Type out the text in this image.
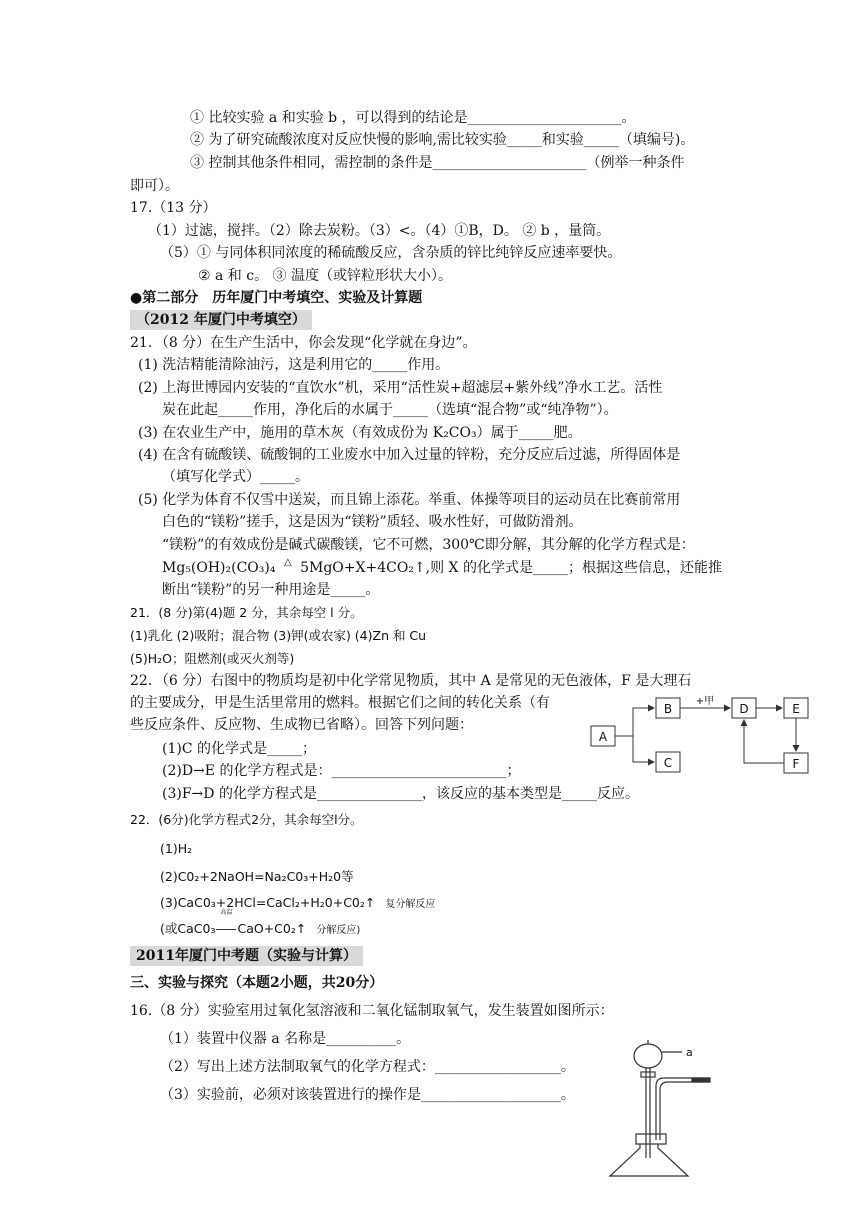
① 比较实验 a 和实验 b ，可以得到的结论是______________________。
② 为了研究硫酸浓度对反应快慢的影响,需比较实验_____和实验_____（填编号)。
③ 控制其他条件相同，需控制的条件是______________________（例举一种条件
即可）。
17.（13 分）
（1）过滤，搅拌。（2）除去炭粉。（3）<。（4）①B，D。 ② b ，量筒。
（5）① 与同体积同浓度的稀硫酸反应，含杂质的锌比纯锌反应速率要快。
② a 和 c。 ③ 温度（或锌粒形状大小）。
●第二部分　历年厦门中考填空、实验及计算题
（2012 年厦门中考填空）
21．（8 分）在生产生活中，你会发现“化学就在身边”。
(1) 洗洁精能清除油污，这是利用它的_____作用。
(2) 上海世博园内安装的“直饮水”机，采用“活性炭+超滤层+紫外线”净水工艺。活性
炭在此起_____作用，净化后的水属于_____（选填“混合物”或“纯净物”）。
(3) 在农业生产中，施用的草木灰（有效成份为 K₂CO₃）属于_____肥。
(4) 在含有硫酸镁、硫酸铜的工业废水中加入过量的锌粉，充分反应后过滤，所得固体是
（填写化学式）_____。
(5) 化学为体育不仅雪中送炭，而且锦上添花。举重、体操等项目的运动员在比赛前常用
白色的“镁粉”搓手，这是因为“镁粉”质轻、吸水性好，可做防滑剂。
“镁粉”的有效成份是碱式碳酸镁，它不可燃，300℃即分解，其分解的化学方程式是：
Mg₅(OH)₂(CO₃)₄ △ 5MgO+X+4CO₂↑,则 X 的化学式是_____；根据这些信息，还能推
断出“镁粉”的另一种用途是_____。
21．(8 分)第(4)题 2 分，其余每空 l 分。
(1)乳化 (2)吸附；混合物 (3)钾(或农家) (4)Zn 和 Cu
(5)H₂O；阻燃剂(或灭火剂等)
22．（6 分）右图中的物质均是初中化学常见物质，其中 A 是常见的无色液体，F 是大理石
的主要成分，甲是生活里常用的燃料。根据它们之间的转化关系（有
些反应条件、反应物、生成物已省略）。回答下列问题：
(1)C 的化学式是_____；
(2)D→E 的化学方程式是：_________________________；
(3)F→D 的化学方程式是_______________，该反应的基本类型是_____反应。
A
B
C
D	E
F
+甲
22．(6分)化学方程式2分，其余每空l分。
(1)H₂
(2)C0₂+2NaOH=Na₂C0₃+H₂0等
(3)CaC0₃+2HCl=CaCl₂+H₂0+C0₂↑ 复分解反应
(或CaC0₃
高温
CaO+C0₂↑ 分解反应)
2011年厦门中考题（实验与计算）
三、实验与探究（本题2小题，共20分）
16.（8 分）实验室用过氧化氢溶液和二氧化锰制取氧气，发生装置如图所示：
（1）装置中仪器 a 名称是__________。
（2）写出上述方法制取氧气的化学方程式：__________________。
（3）实验前，必须对该装置进行的操作是____________________。
a
